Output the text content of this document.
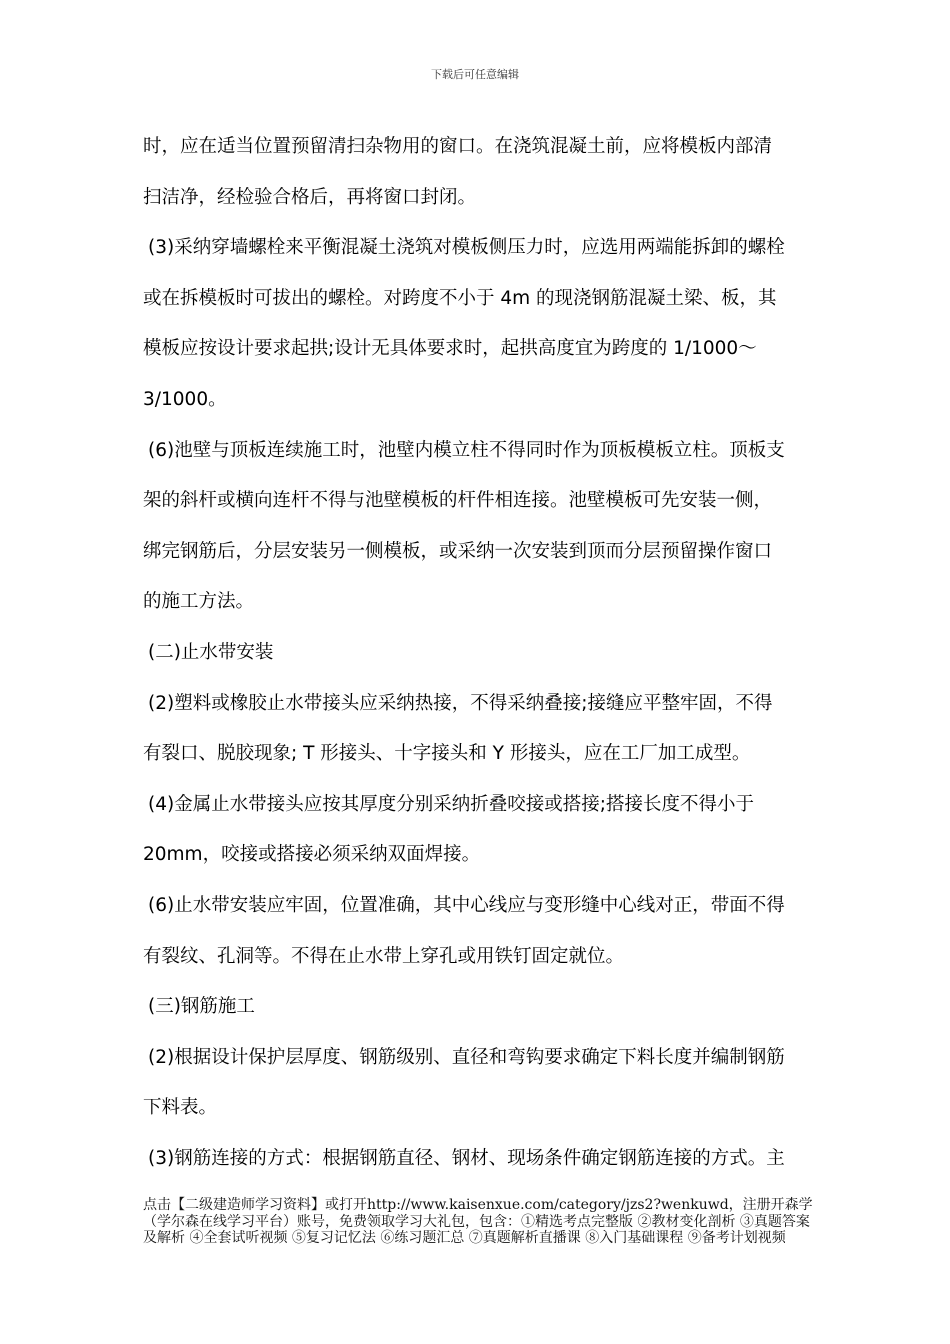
下载后可任意编辑
时，应在适当位置预留清扫杂物用的窗口。在浇筑混凝土前，应将模板内部清
扫洁净，经检验合格后，再将窗口封闭。
(3)采纳穿墙螺栓来平衡混凝土浇筑对模板侧压力时，应选用两端能拆卸的螺栓
或在拆模板时可拔出的螺栓。对跨度不小于 4m 的现浇钢筋混凝土梁、板，其
模板应按设计要求起拱;设计无具体要求时，起拱高度宜为跨度的 1/1000～
3/1000。
(6)池壁与顶板连续施工时，池壁内模立柱不得同时作为顶板模板立柱。顶板支
架的斜杆或横向连杆不得与池壁模板的杆件相连接。池壁模板可先安装一侧，
绑完钢筋后，分层安装另一侧模板，或采纳一次安装到顶而分层预留操作窗口
的施工方法。
(二)止水带安装
(2)塑料或橡胶止水带接头应采纳热接，不得采纳叠接;接缝应平整牢固，不得
有裂口、脱胶现象; T 形接头、十字接头和 Y 形接头，应在工厂加工成型。
(4)金属止水带接头应按其厚度分别采纳折叠咬接或搭接;搭接长度不得小于
20mm，咬接或搭接必须采纳双面焊接。
(6)止水带安装应牢固，位置准确，其中心线应与变形缝中心线对正，带面不得
有裂纹、孔洞等。不得在止水带上穿孔或用铁钉固定就位。
(三)钢筋施工
(2)根据设计保护层厚度、钢筋级别、直径和弯钩要求确定下料长度并编制钢筋
下料表。
(3)钢筋连接的方式：根据钢筋直径、钢材、现场条件确定钢筋连接的方式。主
点击【二级建造师学习资料】或打开http://www.kaisenxue.com/category/jzs2?wenkuwd，注册开森学（学尔森在线学习平台）账号，免费领取学习大礼包，包含：①精选考点完整版 ②教材变化剖析 ③真题答案及解析 ④全套试听视频 ⑤复习记忆法 ⑥练习题汇总 ⑦真题解析直播课 ⑧入门基础课程 ⑨备考计划视频
